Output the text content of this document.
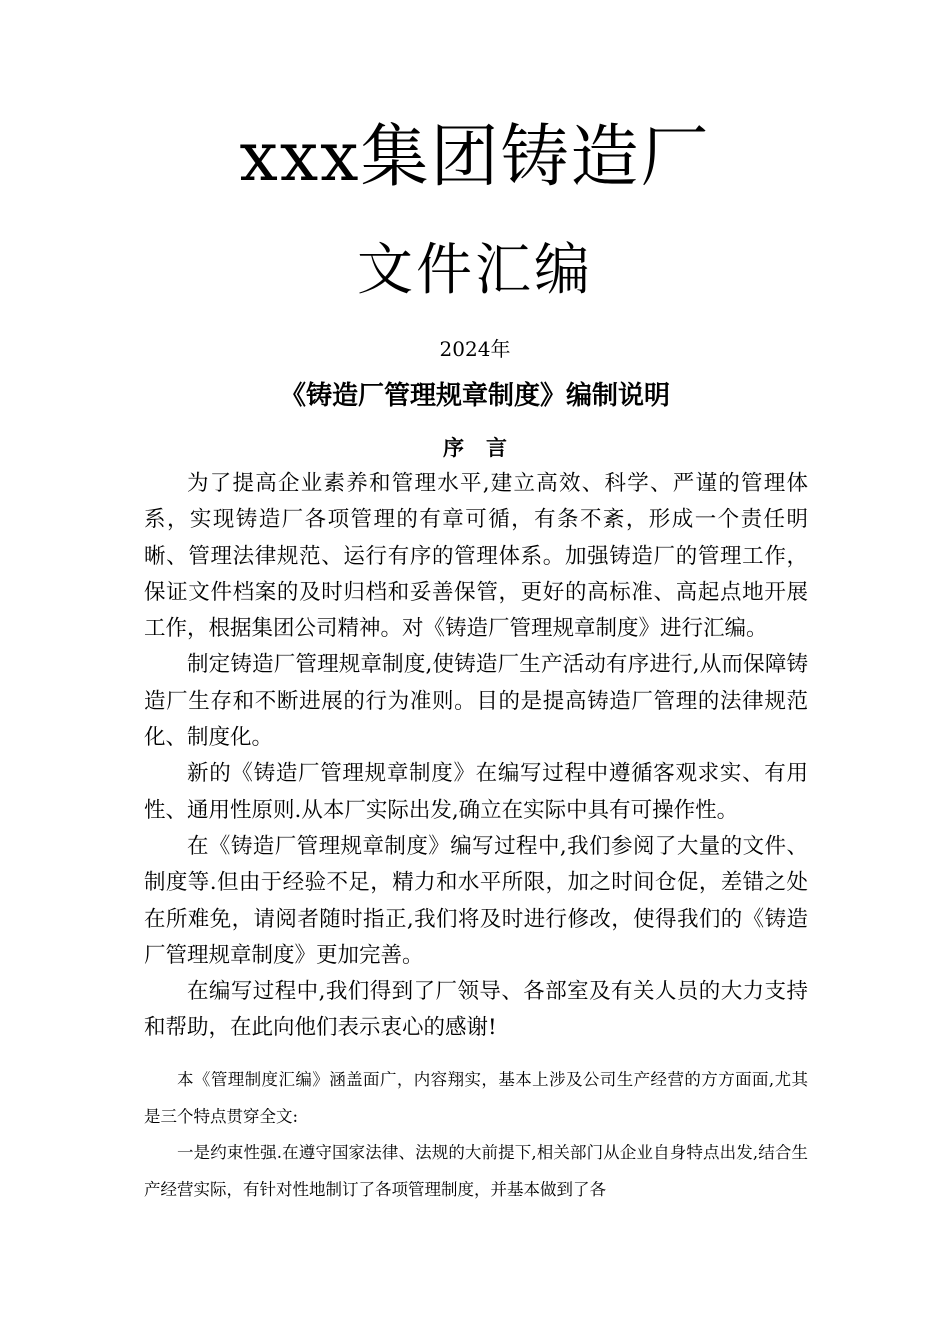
xxx集团铸造厂
文件汇编
2024年
《铸造厂管理规章制度》编制说明
序言

为了提高企业素养和管理水平,建立高效、科学、严谨的管理体系，实现铸造厂各项管理的有章可循，有条不紊，形成一个责任明晰、管理法律规范、运行有序的管理体系。加强铸造厂的管理工作，保证文件档案的及时归档和妥善保管，更好的高标准、高起点地开展工作，根据集团公司精神。对《铸造厂管理规章制度》进行汇编。

制定铸造厂管理规章制度,使铸造厂生产活动有序进行,从而保障铸造厂生存和不断进展的行为准则。目的是提高铸造厂管理的法律规范化、制度化。

新的《铸造厂管理规章制度》在编写过程中遵循客观求实、有用性、通用性原则.从本厂实际出发,确立在实际中具有可操作性。

在《铸造厂管理规章制度》编写过程中,我们参阅了大量的文件、制度等.但由于经验不足，精力和水平所限，加之时间仓促，差错之处在所难免，请阅者随时指正,我们将及时进行修改，使得我们的《铸造厂管理规章制度》更加完善。

在编写过程中,我们得到了厂领导、各部室及有关人员的大力支持和帮助，在此向他们表示衷心的感谢!

本《管理制度汇编》涵盖面广，内容翔实，基本上涉及公司生产经营的方方面面,尤其是三个特点贯穿全文:

一是约束性强.在遵守国家法律、法规的大前提下,相关部门从企业自身特点出发,结合生产经营实际，有针对性地制订了各项管理制度，并基本做到了各
